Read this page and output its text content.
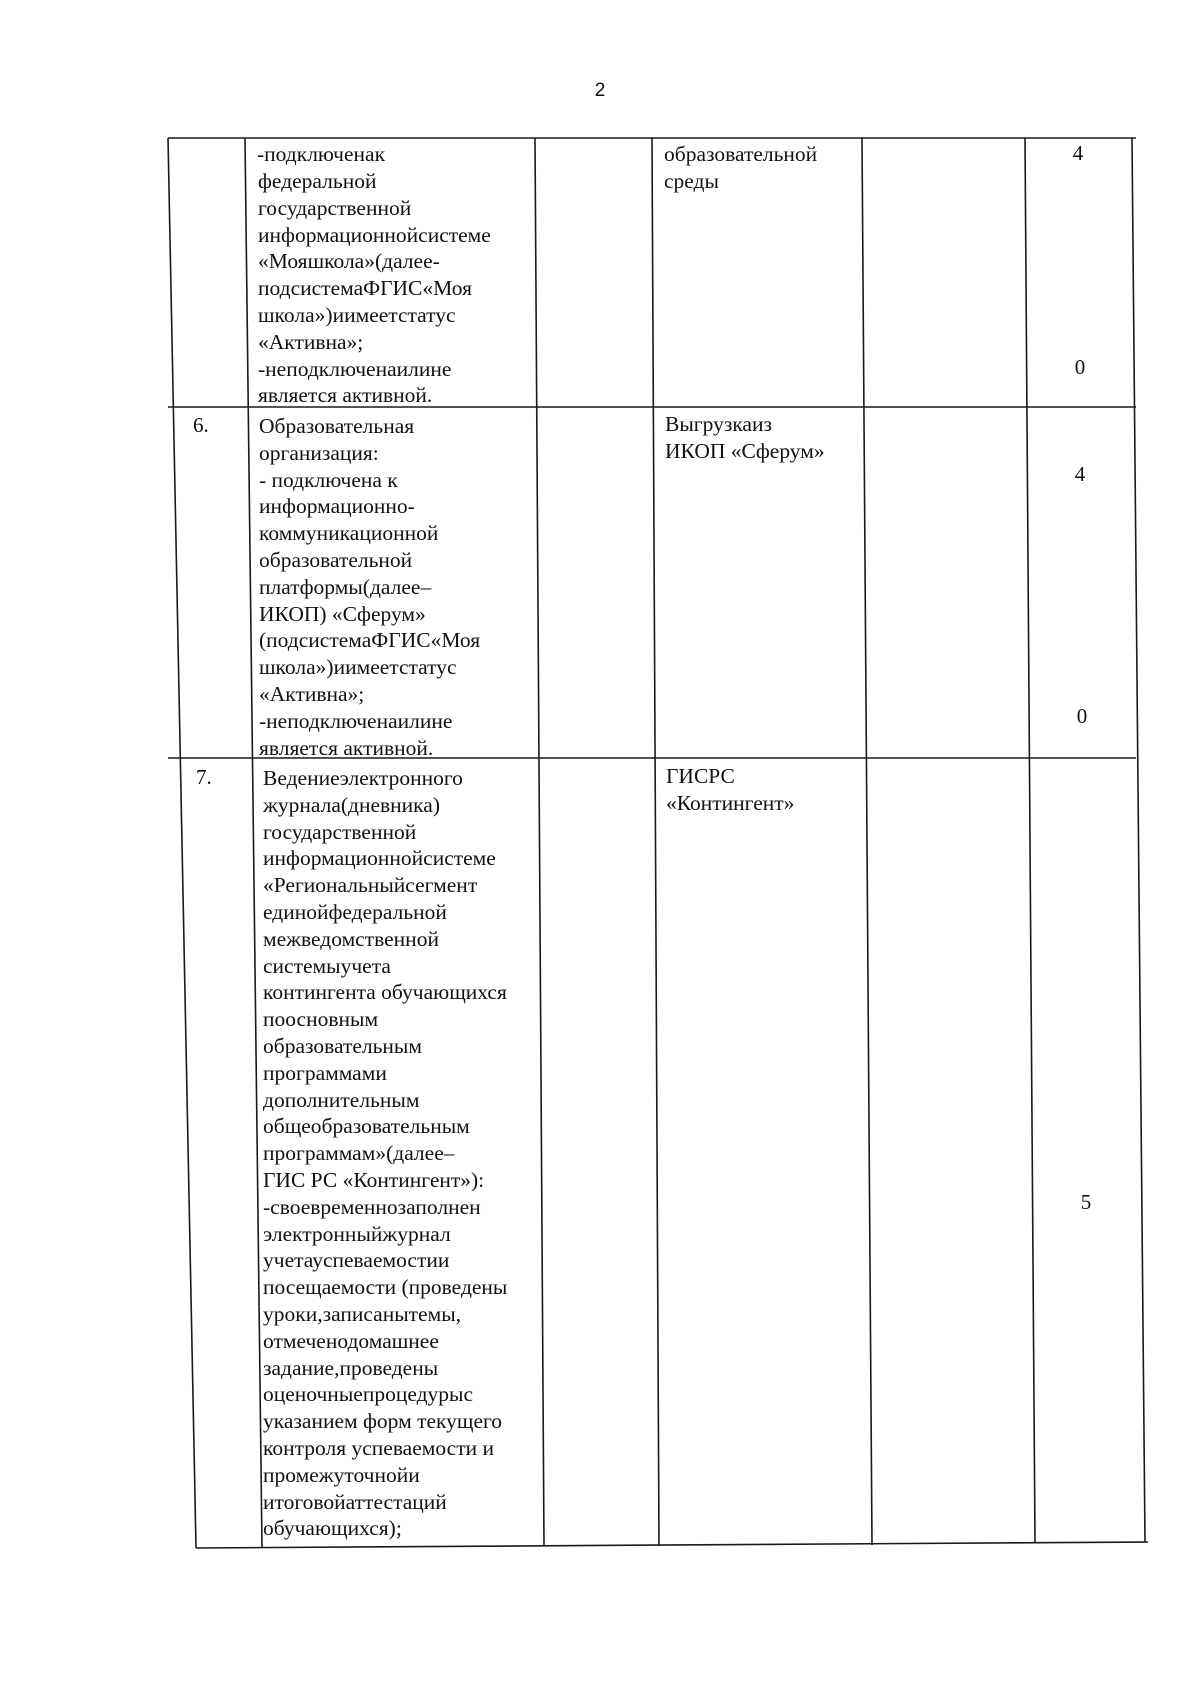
2
-подключенак
федеральной
государственной
информационнойсистеме
«Мояшкола»(далее-
подсистемаФГИС«Моя
школа»)иимеетстатус
«Активна»;
-неподключенаилине
является активной.
образовательной
среды
4
0
6. Образовательная
организация:
- подключена к
информационно-
коммуникационной
образовательной
платформы(далее–
ИКОП) «Сферум»
(подсистемаФГИС«Моя
школа»)иимеетстатус
«Активна»;
-неподключенаилине
является активной.
Выгрузкаиз
ИКОП «Сферум»
4
0
7. Ведениеэлектронного
журнала(дневника)
государственной
информационнойсистеме
«Региональныйсегмент
единойфедеральной
межведомственной
системыучета
контингента обучающихся
поосновным
образовательным
программами
дополнительным
общеобразовательным
программам»(далее–
ГИС РС «Контингент»):
-своевременнозаполнен
электронныйжурнал
учетауспеваемостии
посещаемости (проведены
уроки,записанытемы,
отмеченодомашнее
задание,проведены
оценочныепроцедурыс
указанием форм текущего
контроля успеваемости и
промежуточнойи
итоговойаттестаций
обучающихся);
ГИСРС
«Контингент»
5
